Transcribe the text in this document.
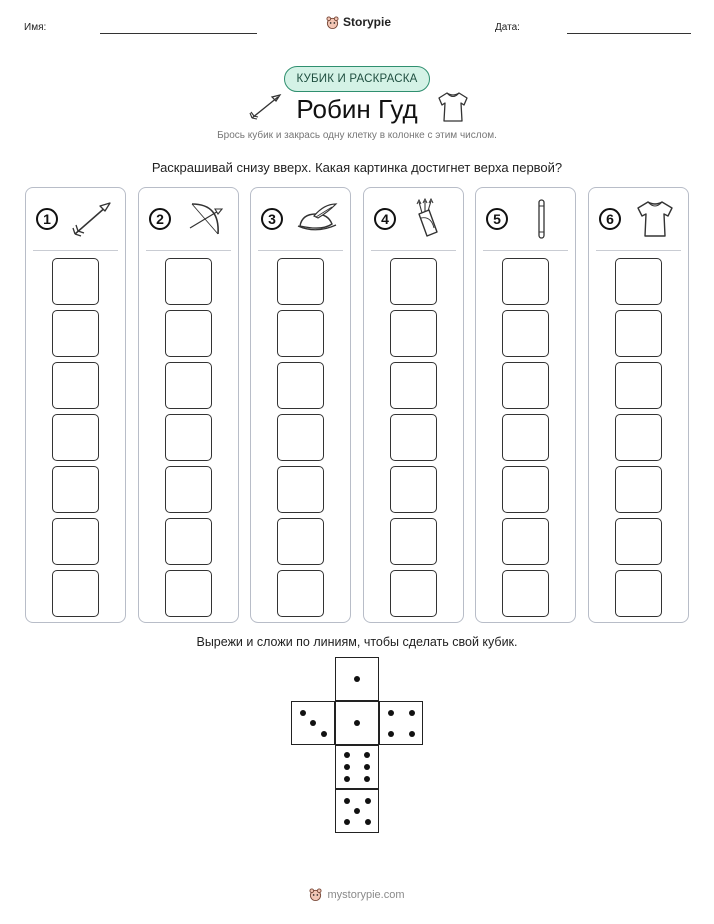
Имя:	Storypie	Дата:
КУБИК И РАСКРАСКА
Робин Гуд
Брось кубик и закрась одну клетку в колонке с этим числом.
Раскрашивай снизу вверх. Какая картинка достигнет верха первой?
1	2	3	4	5	6
Вырежи и сложи по линиям, чтобы сделать свой кубик.
mystorypie.com
